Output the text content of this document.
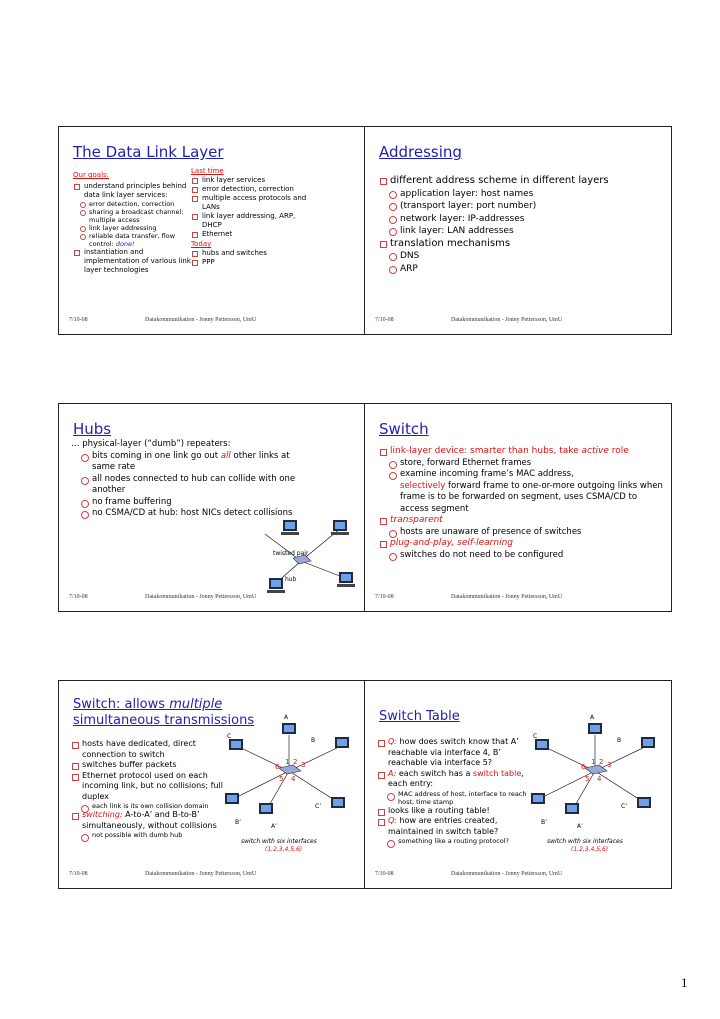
The Data Link Layer
Our goals:
understand principles behind data link layer services:
error detection, correction
sharing a broadcast channel: multiple access
link layer addressing
reliable data transfer, flow control: done!
instantiation and implementation of various link layer technologies
Last time
link layer services
error detection, correction
multiple access protocols and LANs
link layer addressing, ARP, DHCP
Ethernet
Today
hubs and switches
PPP
7/10-08	Datakommunikation - Jonny Pettersson, UmU
Addressing
different address scheme in different layers
application layer: host names
(transport layer: port number)
network layer: IP-addresses
link layer: LAN addresses
translation mechanisms
DNS
ARP
7/10-08	Datakommunikation - Jonny Pettersson, UmU
Hubs
… physical-layer (“dumb”) repeaters:
bits coming in one link go out all other links at same rate
all nodes connected to hub can collide with one another
no frame buffering
no CSMA/CD at hub: host NICs detect collisions
twisted pair
hub
7/10-08	Datakommunikation - Jonny Pettersson, UmU
Switch
link-layer device: smarter than hubs, take active role
store, forward Ethernet frames
examine incoming frame’s MAC address,
selectively forward frame to one-or-more outgoing links when frame is to be forwarded on segment, uses CSMA/CD to access segment
transparent
hosts are unaware of presence of switches
plug-and-play, self-learning
switches do not need to be configured
7/10-08	Datakommunikation - Jonny Pettersson, UmU
Switch: allows multiple simultaneous transmissions
hosts have dedicated, direct connection to switch
switches buffer packets
Ethernet protocol used on each incoming link, but no collisions; full duplex
each link is its own collision domain
switching: A-to-A’ and B-to-B’ simultaneously, without collisions
not possible with dumb hub
1 2 3
6
5 4
A
C
B
C’
B’
A’
switch with six interfaces
(1,2,3,4,5,6)
7/10-08	Datakommunikation - Jonny Pettersson, UmU
Switch Table
Q: how does switch know that A’ reachable via interface 4, B’ reachable via interface 5?
A: each switch has a switch table, each entry:
MAC address of host, interface to reach host, time stamp
looks like a routing table!
Q: how are entries created, maintained in switch table?
something like a routing protocol?
1 2 3
6
5 4
A
C
B
C’
B’
A’
switch with six interfaces
(1,2,3,4,5,6)
7/10-08	Datakommunikation - Jonny Pettersson, UmU
1
